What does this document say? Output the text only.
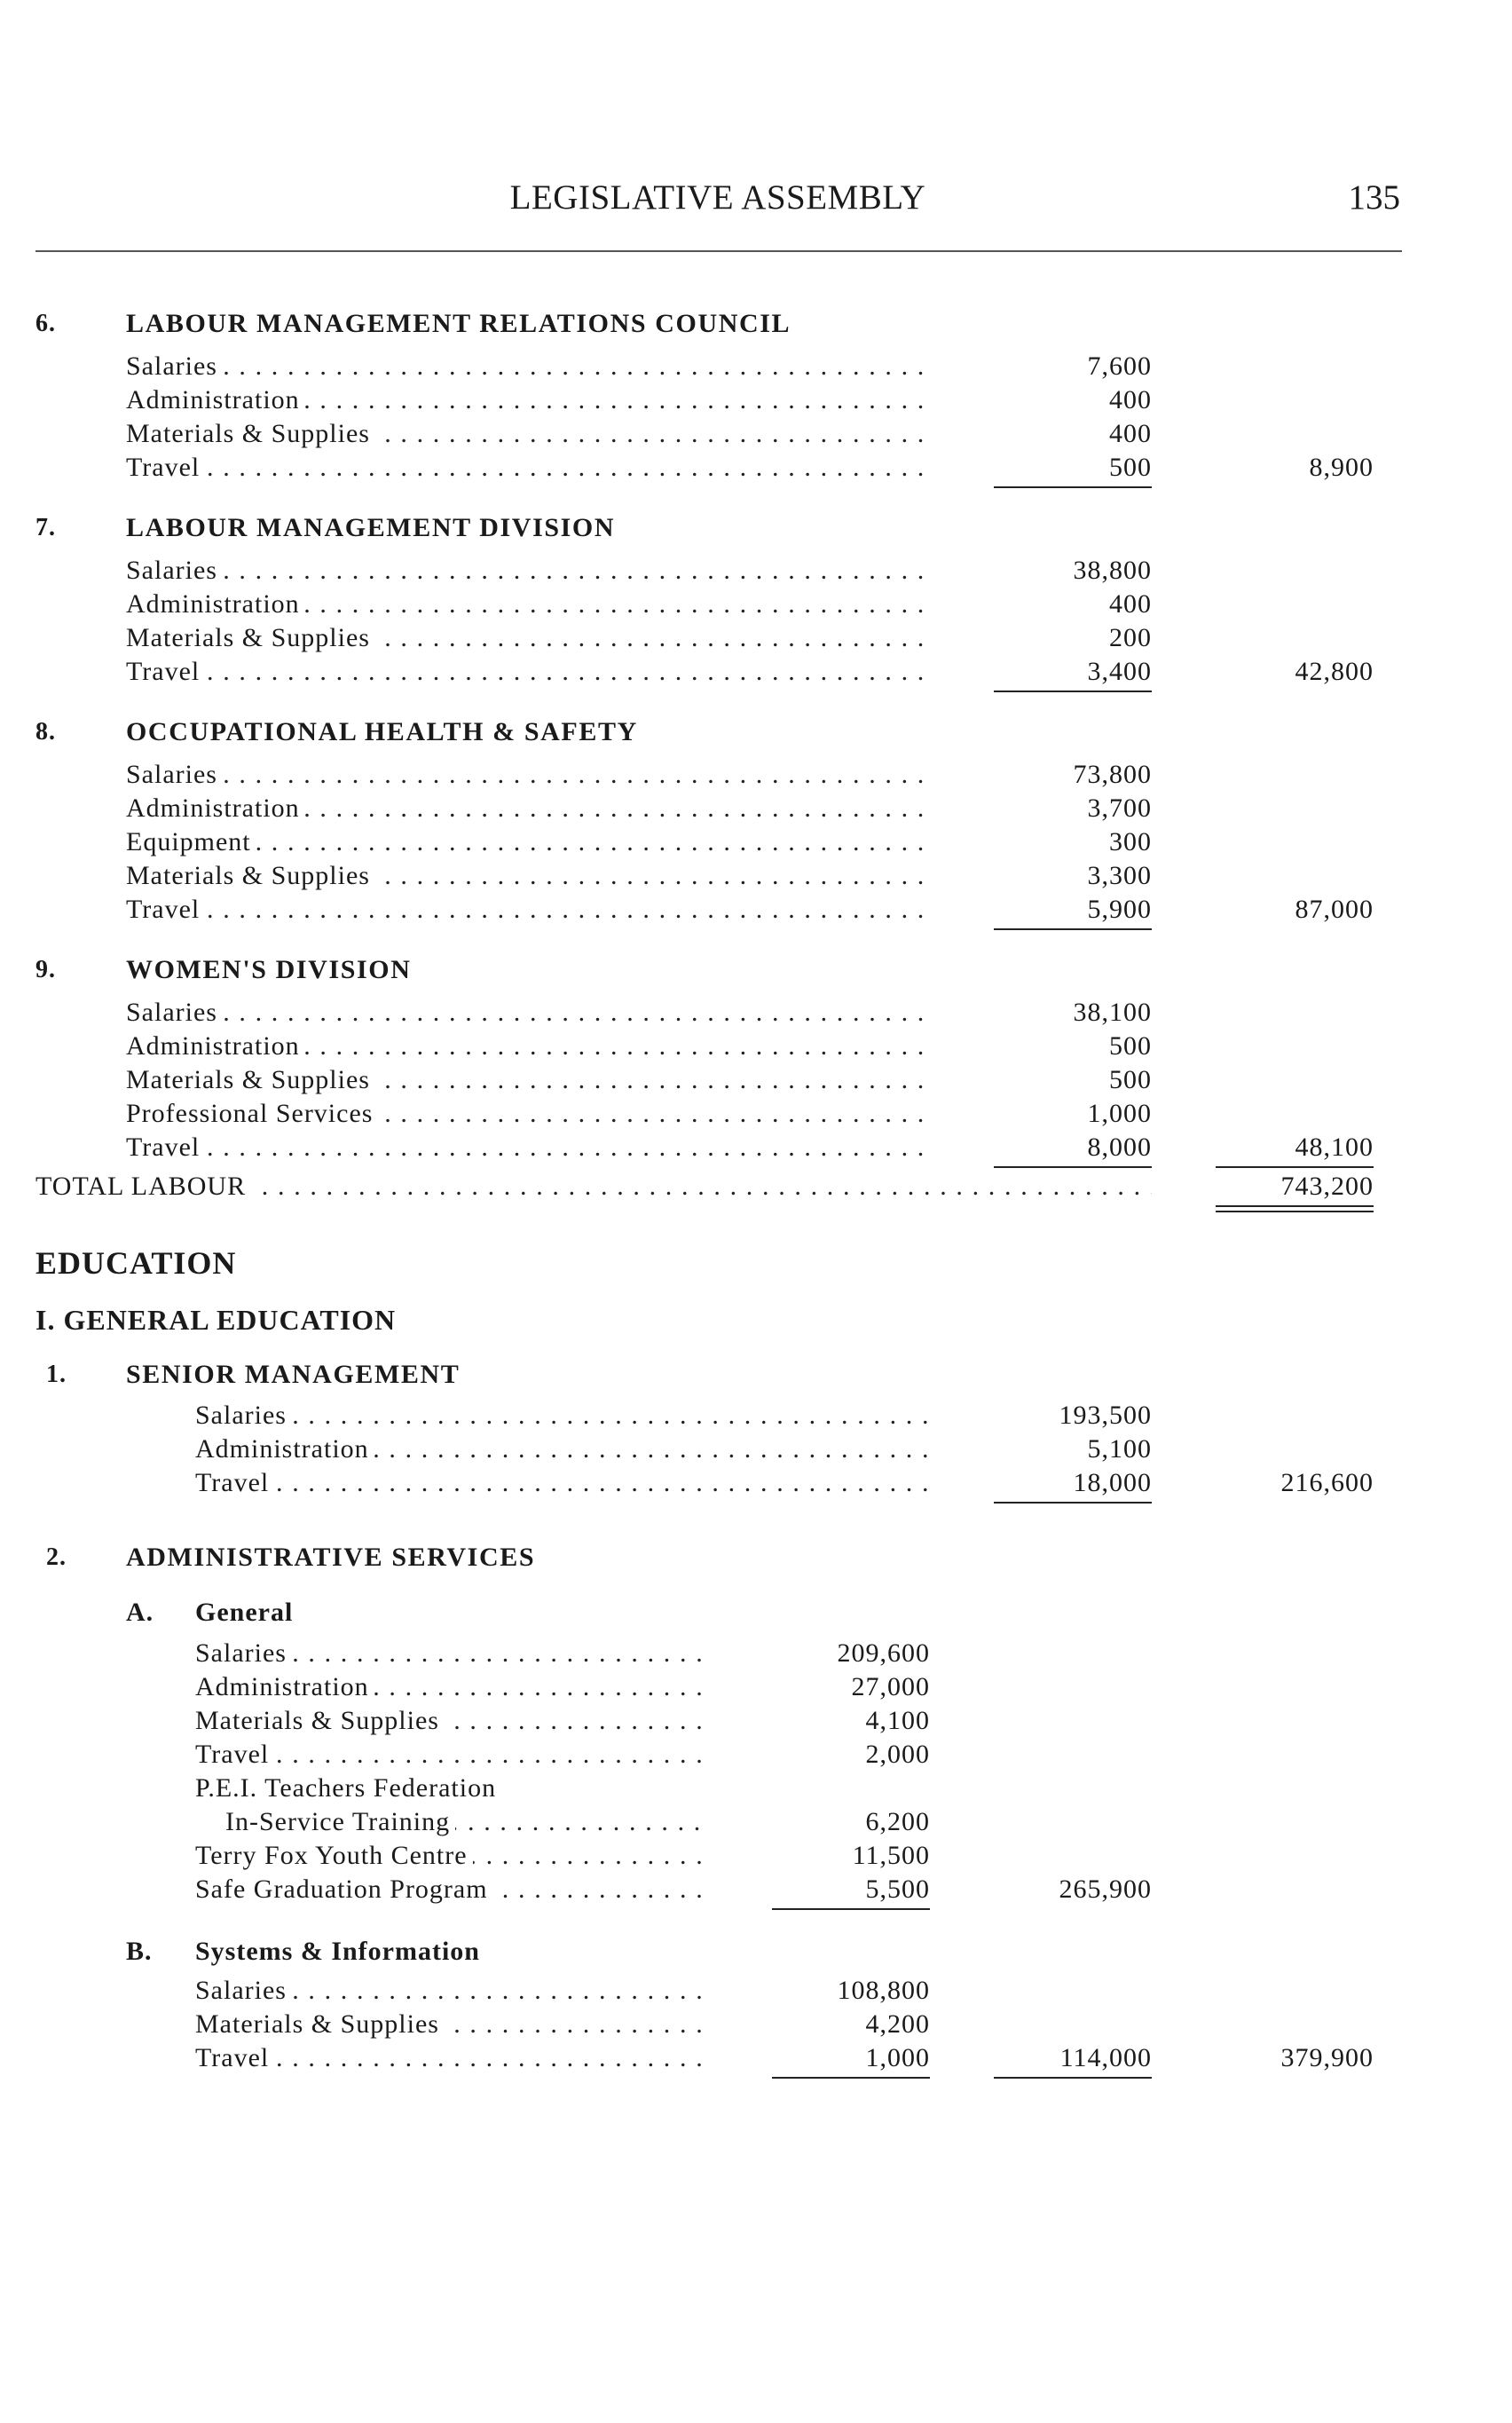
LEGISLATIVE ASSEMBLY	135
6.	LABOUR MANAGEMENT RELATIONS COUNCIL
Salaries . . .	7,600
Administration . . .	400
Materials & Supplies . . .	400
Travel . . .	500	8,900
7.	LABOUR MANAGEMENT DIVISION
Salaries . . .	38,800
Administration . . .	400
Materials & Supplies . . .	200
Travel . . .	3,400	42,800
8.	OCCUPATIONAL HEALTH & SAFETY
Salaries . . .	73,800
Administration . . .	3,700
Equipment . . .	300
Materials & Supplies . . .	3,300
Travel . . .	5,900	87,000
9.	WOMEN'S DIVISION
Salaries . . .	38,100
Administration . . .	500
Materials & Supplies . . .	500
Professional Services . . .	1,000
Travel . . .	8,000	48,100
TOTAL LABOUR . . .	743,200
EDUCATION
I. GENERAL EDUCATION
1. SENIOR MANAGEMENT
Salaries . . .	193,500
Administration . . .	5,100
Travel . . .	18,000	216,600
2. ADMINISTRATIVE SERVICES
A. General
Salaries . . .	209,600
Administration . . .	27,000
Materials & Supplies . . .	4,100
Travel . . .	2,000
P.E.I. Teachers Federation
In-Service Training . . .	6,200
Terry Fox Youth Centre . . .	11,500
Safe Graduation Program . . .	5,500	265,900
B. Systems & Information
Salaries . . .	108,800
Materials & Supplies . . .	4,200
Travel . . .	1,000	114,000	379,900
